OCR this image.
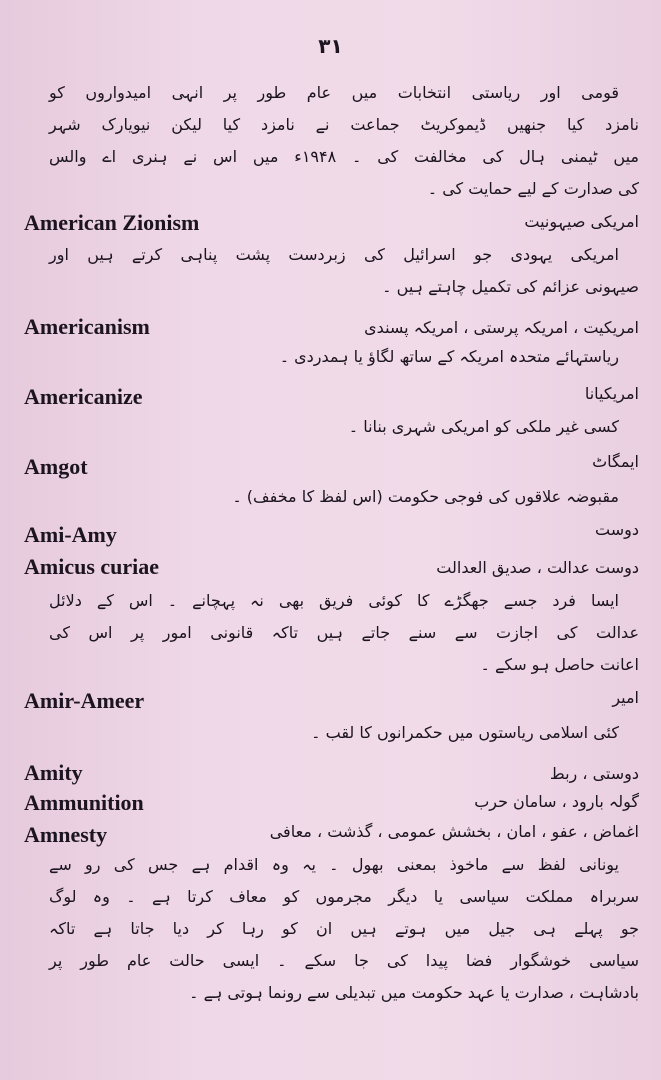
۳۱
قومی اور ریاستی انتخابات میں عام طور پر انہی امیدواروں کو
نامزد کیا جنھیں ڈیموکریٹ جماعت نے نامزد کیا لیکن نیویارک شہر
میں ٹیمنی ہال کی مخالفت کی ۔ ۱۹۴۸ء میں اس نے ہنری اے والس
کی صدارت کے لیے حمایت کی ۔
American Zionism	امریکی صیہونیت
امریکی یہودی جو اسرائیل کی زبردست پشت پناہی کرتے ہیں اور
صیہونی عزائم کی تکمیل چاہتے ہیں ۔
Americanism	امریکیت ، امریکہ پرستی ، امریکہ پسندی
ریاستہائے متحدہ امریکہ کے ساتھ لگاؤ یا ہمدردی ۔
Americanize	امریکیانا
کسی غیر ملکی کو امریکی شہری بنانا ۔
Amgot	ایمگاٹ
مقبوضہ علاقوں کی فوجی حکومت (اس لفظ کا مخفف) ۔
Ami-Amy	دوست
Amicus curiae	دوست عدالت ، صدیق العدالت
ایسا فرد جسے جھگڑے کا کوئی فریق بھی نہ پہچانے ۔ اس کے دلائل
عدالت کی اجازت سے سنے جاتے ہیں تاکہ قانونی امور پر اس کی
اعانت حاصل ہو سکے ۔
Amir-Ameer	امیر
کئی اسلامی ریاستوں میں حکمرانوں کا لقب ۔
Amity	دوستی ، ربط
Ammunition	گولہ بارود ، سامان حرب
Amnesty	اغماض ، عفو ، امان ، بخشش عمومی ، گذشت ، معافی
یونانی لفظ سے ماخوذ بمعنی بھول ۔ یہ وہ اقدام ہے جس کی رو سے
سربراہ مملکت سیاسی یا دیگر مجرموں کو معاف کرتا ہے ۔ وہ لوگ
جو پہلے ہی جیل میں ہوتے ہیں ان کو رہا کر دیا جاتا ہے تاکہ
سیاسی خوشگوار فضا پیدا کی جا سکے ۔ ایسی حالت عام طور پر
بادشاہت ، صدارت یا عہد حکومت میں تبدیلی سے رونما ہوتی ہے ۔
